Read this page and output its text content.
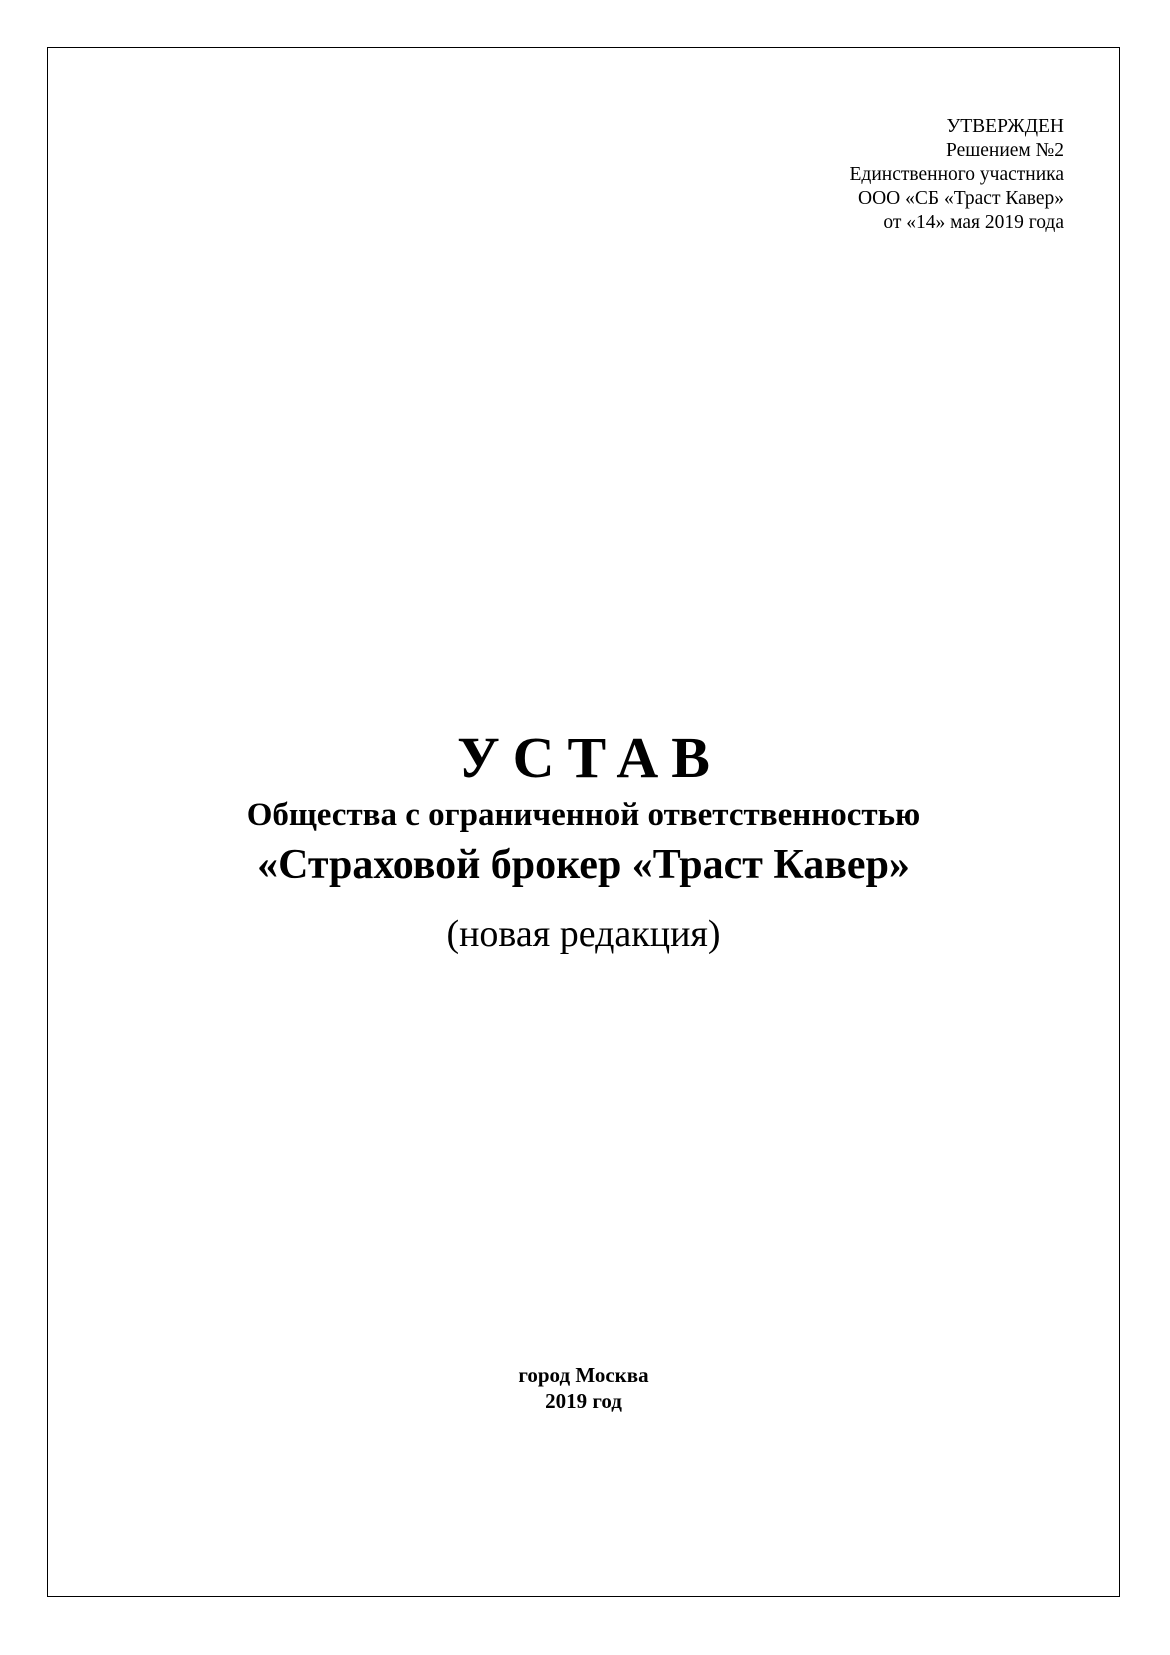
УТВЕРЖДЕН
Решением №2
Единственного участника
ООО «СБ «Траст Кавер»
от «14» мая 2019 года
УСТАВ
Общества с ограниченной ответственностью
«Страховой брокер «Траст Кавер»
(новая редакция)
город Москва
2019 год
